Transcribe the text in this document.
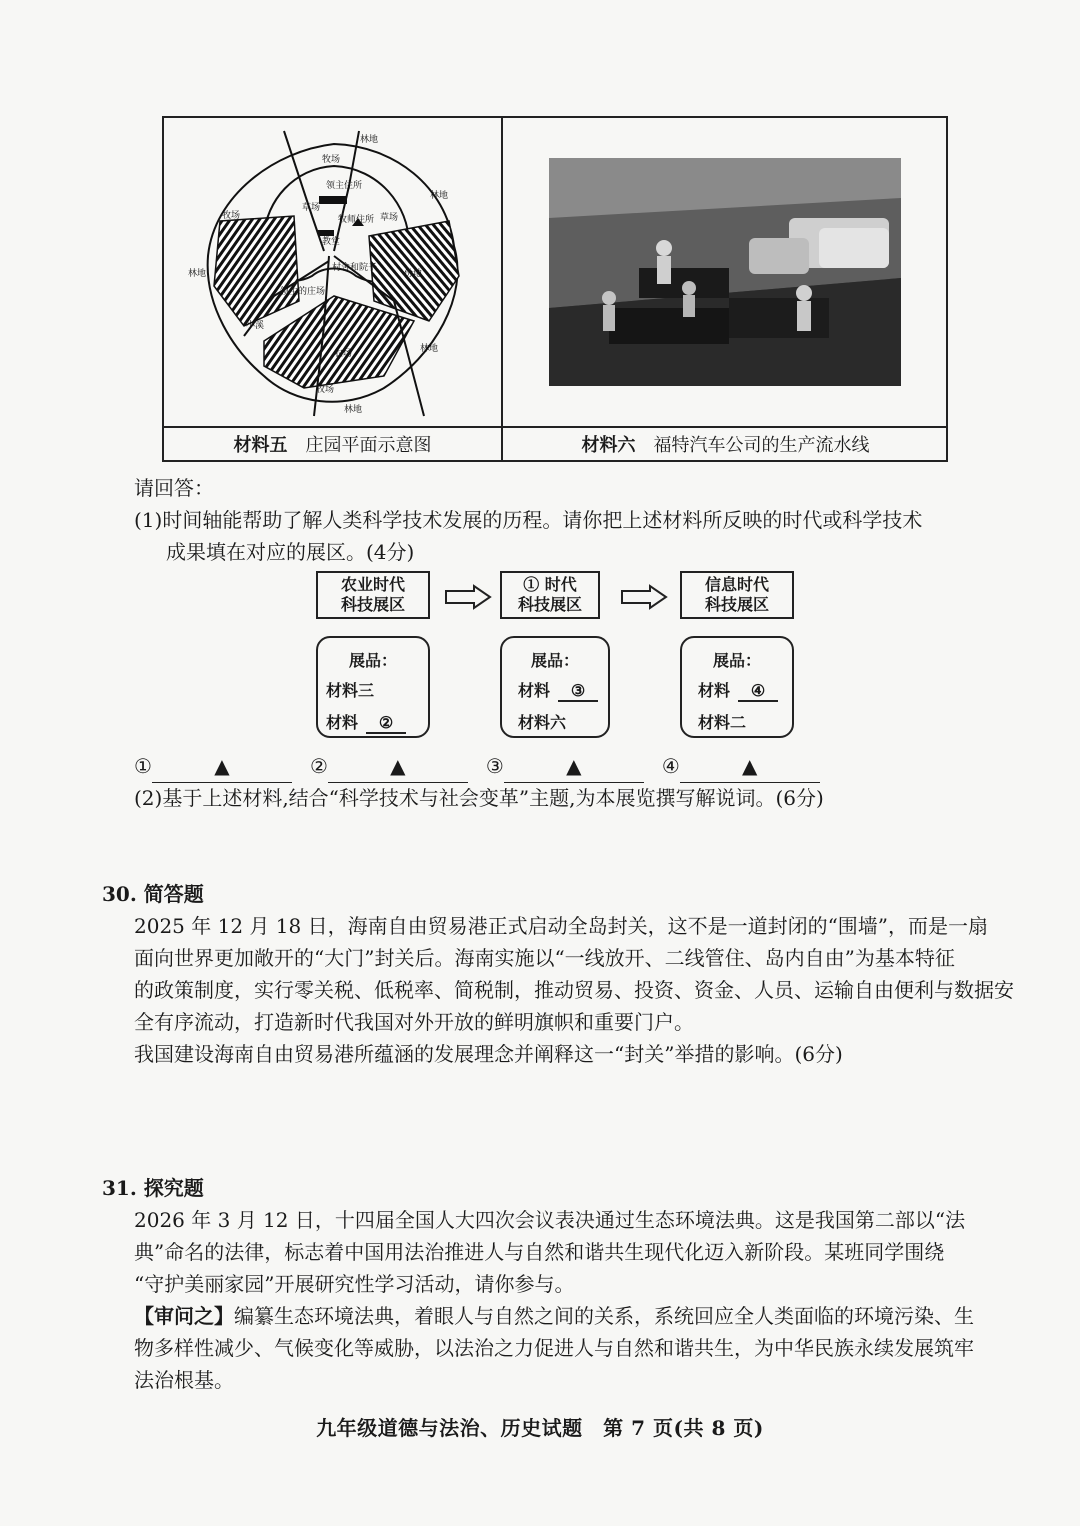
林地
牧场
林地
领主住所
草场
牧师住所
教堂
草场
牧场
林地
村舍和院子
领主的庄场
小溪
林地
份地
农场
牧场
林地
材料五 庄园平面示意图	材料六 福特汽车公司的生产流水线
请回答：
(1)时间轴能帮助了解人类科学技术发展的历程。请你把上述材料所反映的时代或科学技术
成果填在对应的展区。(4分)
农业时代
科技展区
① 时代
科技展区
信息时代
科技展区
展品：
材料三
材料 ②
展品：
材料 ③
材料六
展品：
材料 ④
材料二
①	▲	②	▲	③	▲	④	▲
(2)基于上述材料,结合“科学技术与社会变革”主题,为本展览撰写解说词。(6分)
30. 简答题
2025 年 12 月 18 日，海南自由贸易港正式启动全岛封关，这不是一道封闭的“围墙”，而是一扇
面向世界更加敞开的“大门”封关后。海南实施以“一线放开、二线管住、岛内自由”为基本特征
的政策制度，实行零关税、低税率、简税制，推动贸易、投资、资金、人员、运输自由便利与数据安
全有序流动，打造新时代我国对外开放的鲜明旗帜和重要门户。
我国建设海南自由贸易港所蕴涵的发展理念并阐释这一“封关”举措的影响。(6分)
31. 探究题
2026 年 3 月 12 日，十四届全国人大四次会议表决通过生态环境法典。这是我国第二部以“法
典”命名的法律，标志着中国用法治推进人与自然和谐共生现代化迈入新阶段。某班同学围绕
“守护美丽家园”开展研究性学习活动，请你参与。
【审问之】编纂生态环境法典，着眼人与自然之间的关系，系统回应全人类面临的环境污染、生
物多样性减少、气候变化等威胁，以法治之力促进人与自然和谐共生，为中华民族永续发展筑牢
法治根基。
九年级道德与法治、历史试题　第 7 页(共 8 页)
